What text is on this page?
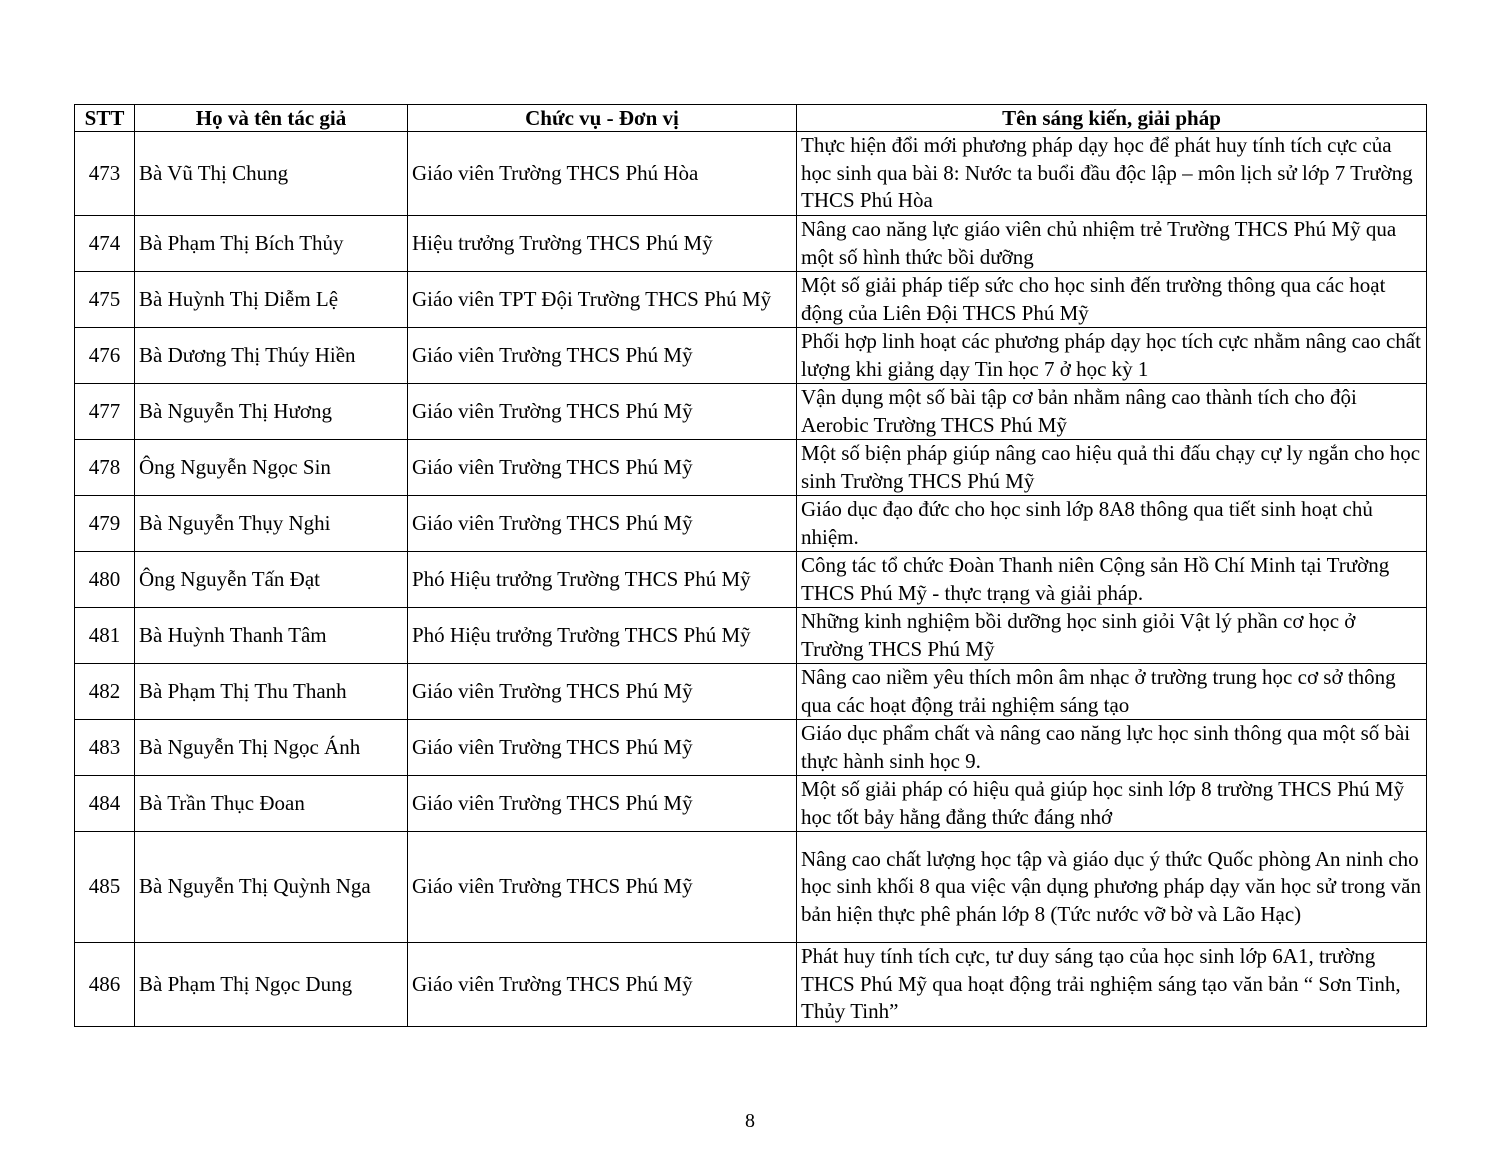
STT	Họ và tên tác giả	Chức vụ - Đơn vị	Tên sáng kiến, giải pháp
473	Bà Vũ Thị Chung	Giáo viên Trường THCS Phú Hòa	Thực hiện đổi mới phương pháp dạy học để phát huy tính tích cực của học sinh qua bài 8: Nước ta buổi đầu độc lập – môn lịch sử lớp 7 Trường THCS Phú Hòa
474	Bà Phạm Thị Bích Thủy	Hiệu trưởng Trường THCS Phú Mỹ	Nâng cao năng lực giáo viên chủ nhiệm trẻ Trường THCS Phú Mỹ qua một số hình thức bồi dưỡng
475	Bà Huỳnh Thị Diễm Lệ	Giáo viên TPT Đội Trường THCS Phú Mỹ	Một số giải pháp tiếp sức cho học sinh đến trường thông qua các hoạt động của Liên Đội THCS Phú Mỹ
476	Bà Dương Thị Thúy Hiền	Giáo viên Trường THCS Phú Mỹ	Phối hợp linh hoạt các phương pháp dạy học tích cực nhằm nâng cao chất lượng khi giảng dạy Tin học 7 ở học kỳ 1
477	Bà Nguyễn Thị Hương	Giáo viên Trường THCS Phú Mỹ	Vận dụng một số bài tập cơ bản nhằm nâng cao thành tích cho đội Aerobic Trường THCS Phú Mỹ
478	Ông Nguyễn Ngọc Sin	Giáo viên Trường THCS Phú Mỹ	Một số biện pháp giúp nâng cao hiệu quả thi đấu chạy cự ly ngắn cho học sinh Trường THCS Phú Mỹ
479	Bà Nguyễn Thụy Nghi	Giáo viên Trường THCS Phú Mỹ	Giáo dục đạo đức cho học sinh lớp 8A8 thông qua tiết sinh hoạt chủ nhiệm.
480	Ông Nguyễn Tấn Đạt	Phó Hiệu trưởng Trường THCS Phú Mỹ	Công tác tổ chức Đoàn Thanh niên Cộng sản Hồ Chí Minh tại Trường THCS Phú Mỹ - thực trạng và giải pháp.
481	Bà Huỳnh Thanh Tâm	Phó Hiệu trưởng Trường THCS Phú Mỹ	Những kinh nghiệm bồi dưỡng học sinh giỏi Vật lý phần cơ học ở Trường THCS Phú Mỹ
482	Bà Phạm Thị Thu Thanh	Giáo viên Trường THCS Phú Mỹ	Nâng cao niềm yêu thích môn âm nhạc ở trường trung học cơ sở thông qua các hoạt động trải nghiệm sáng tạo
483	Bà Nguyễn Thị Ngọc Ánh	Giáo viên Trường THCS Phú Mỹ	Giáo dục phẩm chất và nâng cao năng lực học sinh thông qua một số bài thực hành sinh học 9.
484	Bà Trần Thục Đoan	Giáo viên Trường THCS Phú Mỹ	Một số giải pháp có hiệu quả giúp học sinh lớp 8 trường THCS Phú Mỹ học tốt bảy hằng đẳng thức đáng nhớ
485	Bà Nguyễn Thị Quỳnh Nga	Giáo viên Trường THCS Phú Mỹ	Nâng cao chất lượng học tập và giáo dục ý thức Quốc phòng An ninh cho học sinh khối 8 qua việc vận dụng phương pháp dạy văn học sử trong văn bản hiện thực phê phán lớp 8 (Tức nước vỡ bờ và Lão Hạc)
486	Bà Phạm Thị Ngọc Dung	Giáo viên Trường THCS Phú Mỹ	Phát huy tính tích cực, tư duy sáng tạo của học sinh lớp 6A1, trường THCS Phú Mỹ qua hoạt động trải nghiệm sáng tạo văn bản “ Sơn Tinh, Thủy Tinh”
8
